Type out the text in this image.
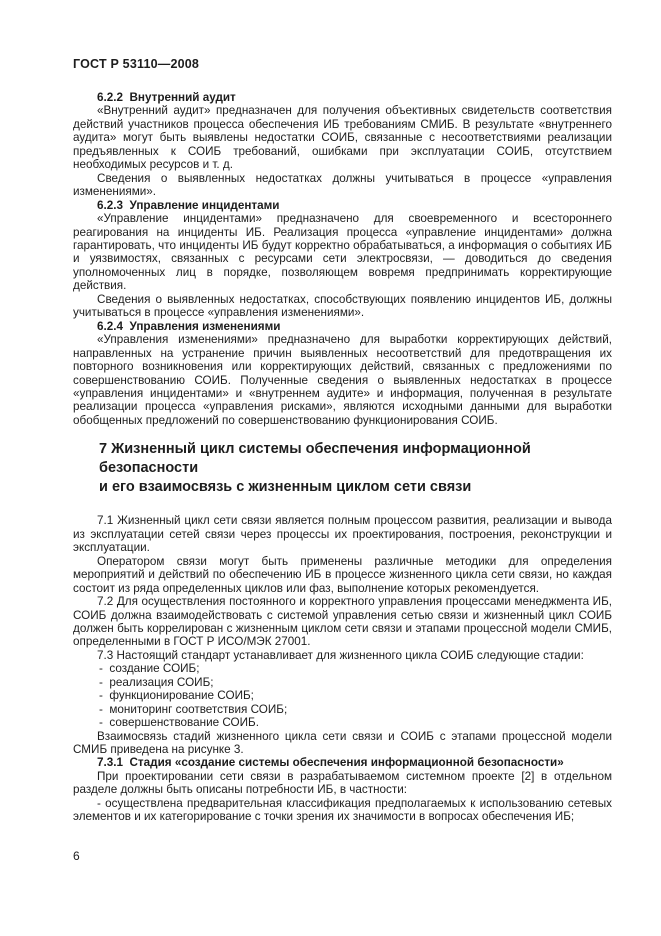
ГОСТ Р 53110—2008

6.2.2  Внутренний аудит

«Внутренний аудит» предназначен для получения объективных свидетельств соответствия действий участников процесса обеспечения ИБ требованиям СМИБ. В результате «внутреннего аудита» могут быть выявлены недостатки СОИБ, связанные с несоответствиями реализации предъявленных к СОИБ требований, ошибками при эксплуатации СОИБ, отсутствием необходимых ресурсов и т. д.

Сведения о выявленных недостатках должны учитываться в процессе «управления изменениями».

6.2.3  Управление инцидентами

«Управление инцидентами» предназначено для своевременного и всестороннего реагирования на инциденты ИБ. Реализация процесса «управление инцидентами» должна гарантировать, что инциденты ИБ будут корректно обрабатываться, а информация о событиях ИБ и уязвимостях, связанных с ресурсами сети электросвязи, — доводиться до сведения уполномоченных лиц в порядке, позволяющем вовремя предпринимать корректирующие действия.

Сведения о выявленных недостатках, способствующих появлению инцидентов ИБ, должны учитываться в процессе «управления изменениями».

6.2.4  Управления изменениями

«Управления изменениями» предназначено для выработки корректирующих действий, направленных на устранение причин выявленных несоответствий для предотвращения их повторного возникновения или корректирующих действий, связанных с предложениями по совершенствованию СОИБ. Полученные сведения о выявленных недостатках в процессе «управления инцидентами» и «внутреннем аудите» и информация, полученная в результате реализации процесса «управления рисками», являются исходными данными для выработки обобщенных предложений по совершенствованию функционирования СОИБ.

7 Жизненный цикл системы обеспечения информационной безопасности
и его взаимосвязь с жизненным циклом сети связи

7.1 Жизненный цикл сети связи является полным процессом развития, реализации и вывода из эксплуатации сетей связи через процессы их проектирования, построения, реконструкции и эксплуатации.

Оператором связи могут быть применены различные методики для определения мероприятий и действий по обеспечению ИБ в процессе жизненного цикла сети связи, но каждая состоит из ряда определенных циклов или фаз, выполнение которых рекомендуется.

7.2 Для осуществления постоянного и корректного управления процессами менеджмента ИБ, СОИБ должна взаимодействовать с системой управления сетью связи и жизненный цикл СОИБ должен быть коррелирован с жизненным циклом сети связи и этапами процессной модели СМИБ, определенными в ГОСТ Р ИСО/МЭК 27001.

7.3 Настоящий стандарт устанавливает для жизненного цикла СОИБ следующие стадии:

-  создание СОИБ;

-  реализация СОИБ;

-  функционирование СОИБ;

-  мониторинг соответствия СОИБ;

-  совершенствование СОИБ.

Взаимосвязь стадий жизненного цикла сети связи и СОИБ с этапами процессной модели СМИБ приведена на рисунке 3.

7.3.1  Стадия «создание системы обеспечения информационной безопасности»

При проектировании сети связи в разрабатываемом системном проекте [2] в отдельном разделе должны быть описаны потребности ИБ, в частности:

- осуществлена предварительная классификация предполагаемых к использованию сетевых элементов и их категорирование с точки зрения их значимости в вопросах обеспечения ИБ;

6
